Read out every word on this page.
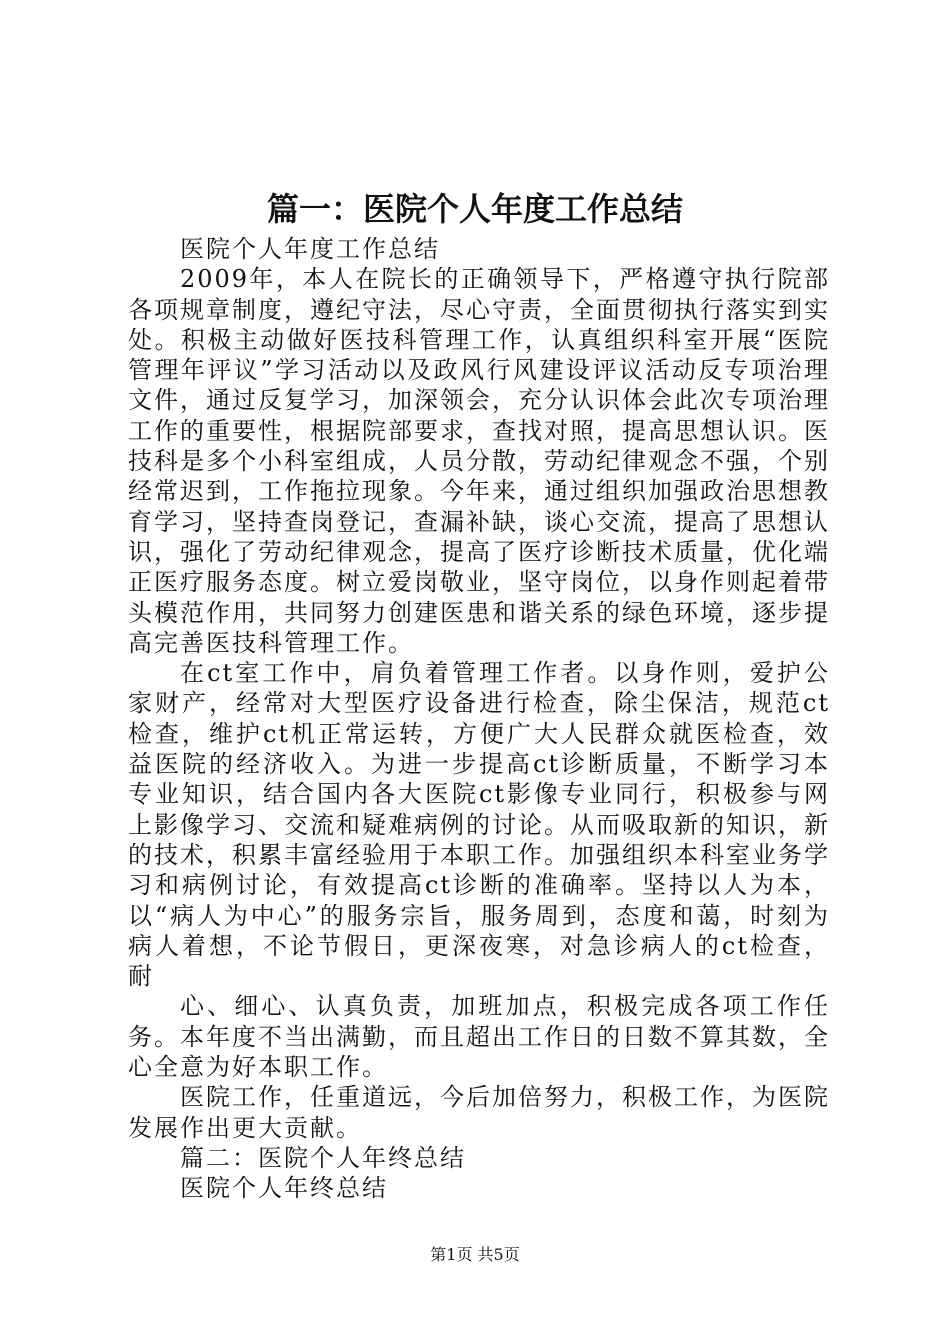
篇一：医院个人年度工作总结

医院个人年度工作总结

2009年，本人在院长的正确领导下，严格遵守执行院部各项规章制度，遵纪守法，尽心守责，全面贯彻执行落实到实处。积极主动做好医技科管理工作，认真组织科室开展“医院管理年评议”学习活动以及政风行风建设评议活动反专项治理文件，通过反复学习，加深领会，充分认识体会此次专项治理工作的重要性，根据院部要求，查找对照，提高思想认识。医技科是多个小科室组成，人员分散，劳动纪律观念不强，个别经常迟到，工作拖拉现象。今年来，通过组织加强政治思想教育学习，坚持查岗登记，查漏补缺，谈心交流，提高了思想认识，强化了劳动纪律观念，提高了医疗诊断技术质量，优化端正医疗服务态度。树立爱岗敬业，坚守岗位，以身作则起着带头模范作用，共同努力创建医患和谐关系的绿色环境，逐步提高完善医技科管理工作。

在ct室工作中，肩负着管理工作者。以身作则，爱护公家财产，经常对大型医疗设备进行检查，除尘保洁，规范ct检查，维护ct机正常运转，方便广大人民群众就医检查，效益医院的经济收入。为进一步提高ct诊断质量，不断学习本专业知识，结合国内各大医院ct影像专业同行，积极参与网上影像学习、交流和疑难病例的讨论。从而吸取新的知识，新的技术，积累丰富经验用于本职工作。加强组织本科室业务学习和病例讨论，有效提高ct诊断的准确率。坚持以人为本，以“病人为中心”的服务宗旨，服务周到，态度和蔼，时刻为病人着想，不论节假日，更深夜寒，对急诊病人的ct检查，耐

心、细心、认真负责，加班加点，积极完成各项工作任务。本年度不当出满勤，而且超出工作日的日数不算其数，全心全意为好本职工作。

医院工作，任重道远，今后加倍努力，积极工作，为医院发展作出更大贡献。

篇二：医院个人年终总结

医院个人年终总结

第1页 共5页
